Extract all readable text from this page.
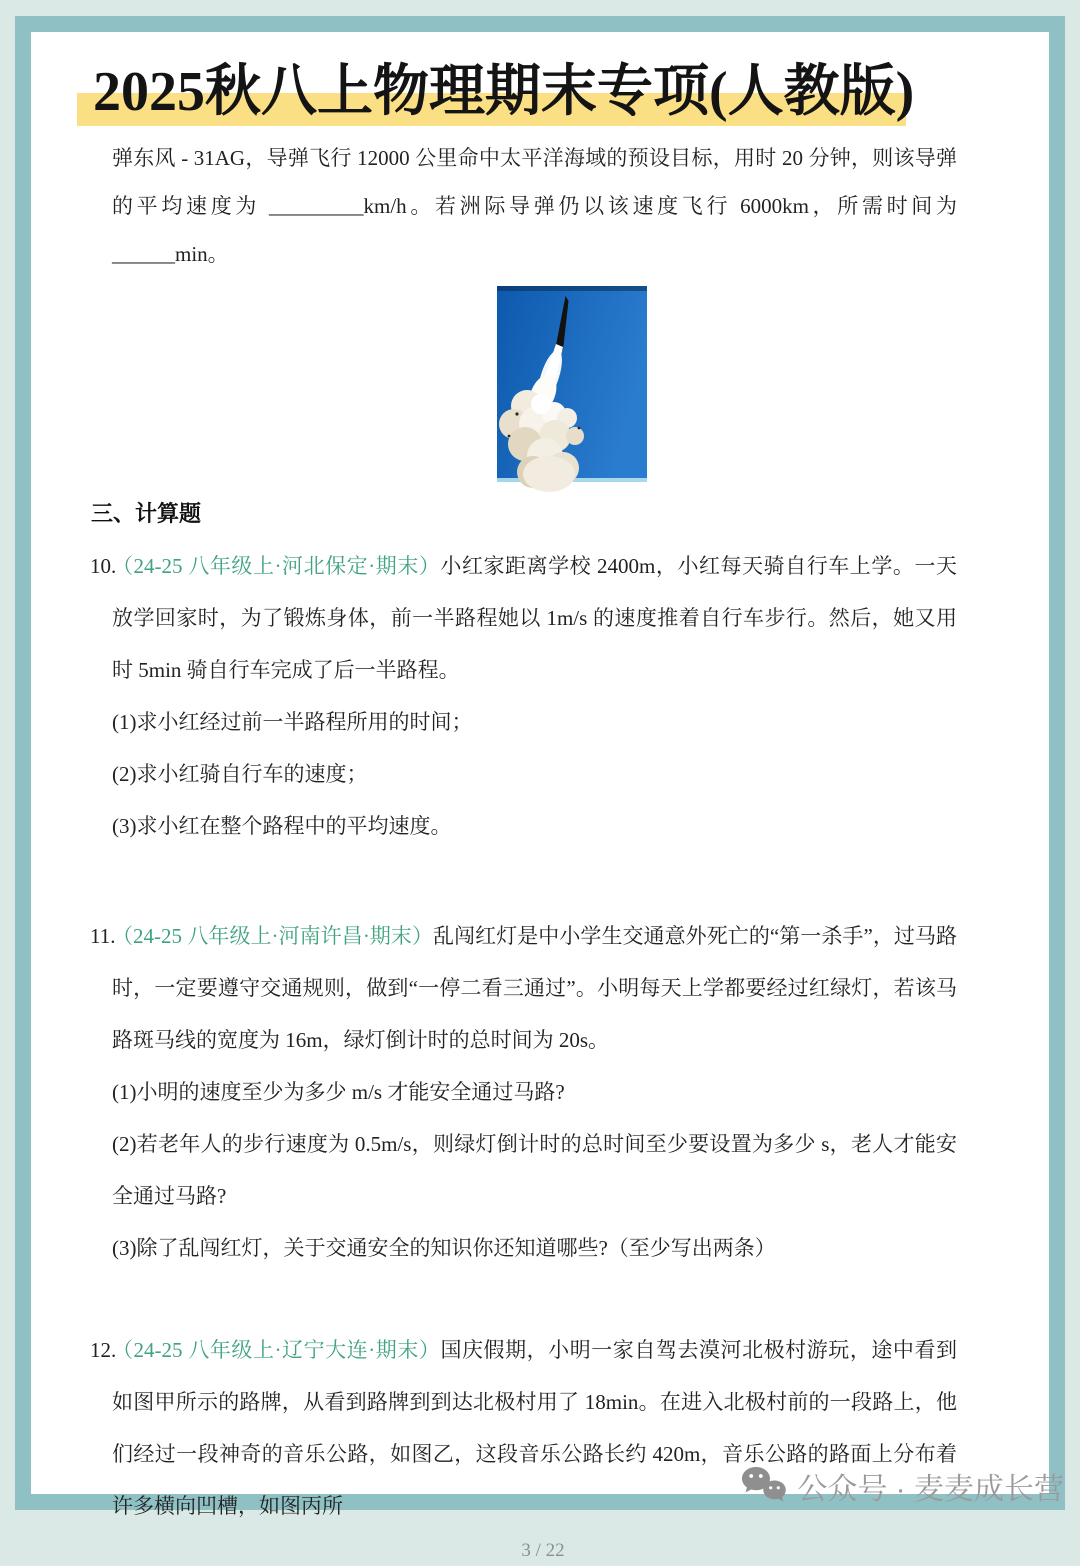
2025秋八上物理期末专项(人教版)
弹东风 - 31AG，导弹飞行 12000 公里命中太平洋海域的预设目标，用时 20 分钟，则该导弹的平均速度为 _________km/h。若洲际导弹仍以该速度飞行 6000km，所需时间为 ______min。
三、计算题
10.
（24-25 八年级上·河北保定·期末）小红家距离学校 2400m，小红每天骑自行车上学。一天放学回家时，为了锻炼身体，前一半路程她以 1m/s 的速度推着自行车步行。然后，她又用时 5min 骑自行车完成了后一半路程。
(1)求小红经过前一半路程所用的时间；
(2)求小红骑自行车的速度；
(3)求小红在整个路程中的平均速度。
11.
（24-25 八年级上·河南许昌·期末）乱闯红灯是中小学生交通意外死亡的“第一杀手”，过马路时，一定要遵守交通规则，做到“一停二看三通过”。小明每天上学都要经过红绿灯，若该马路斑马线的宽度为 16m，绿灯倒计时的总时间为 20s。
(1)小明的速度至少为多少 m/s 才能安全通过马路?
(2)若老年人的步行速度为 0.5m/s，则绿灯倒计时的总时间至少要设置为多少 s，老人才能安全通过马路?
(3)除了乱闯红灯，关于交通安全的知识你还知道哪些?（至少写出两条）
12.
（24-25 八年级上·辽宁大连·期末）国庆假期，小明一家自驾去漠河北极村游玩，途中看到如图甲所示的路牌，从看到路牌到到达北极村用了 18min。在进入北极村前的一段路上，他们经过一段神奇的音乐公路，如图乙，这段音乐公路长约 420m，音乐公路的路面上分布着许多横向凹槽，如图丙所
3 / 22
公众号 · 麦麦成长营
